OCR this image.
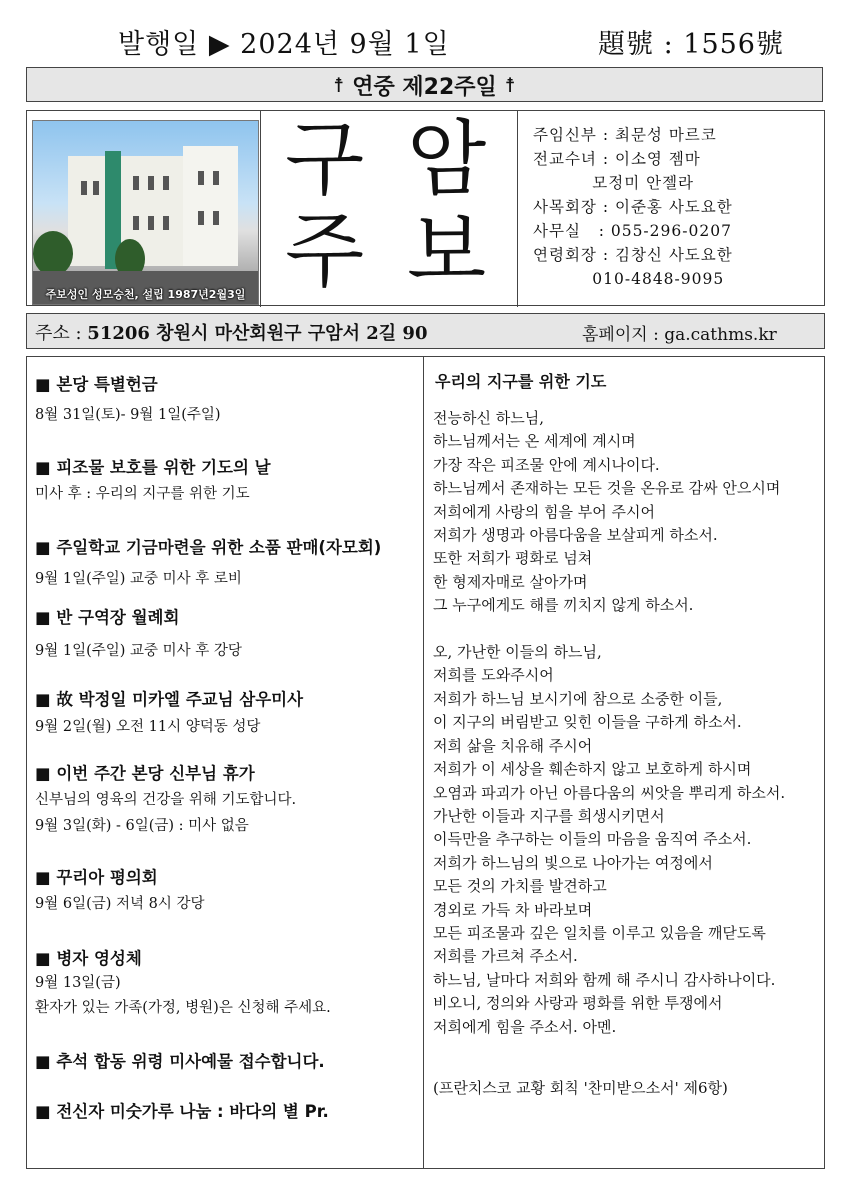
발행일 ▶ 2024년 9월 1일	題號 : 1556號
☨ 연중 제22주일 ☨
주보성인 성모승천, 설립 1987년2월3일
구 암
주 보
주임신부 : 최문성 마르코
전교수녀 : 이소영 젬마
모정미 안젤라
사목회장 : 이준홍 사도요한
사무실   : 055-296-0207
연령회장 : 김창신 사도요한
010-4848-9095
주소 : 51206 창원시 마산회원구 구암서 2길 90	홈페이지 : ga.cathms.kr
■ 본당 특별헌금
8월 31일(토)- 9월 1일(주일)
■ 피조물 보호를 위한 기도의 날
미사 후 : 우리의 지구를 위한 기도
■ 주일학교 기금마련을 위한 소품 판매(자모회)
9월 1일(주일) 교중 미사 후 로비
■ 반 구역장 월례회
9월 1일(주일) 교중 미사 후 강당
■ 故 박정일 미카엘 주교님 삼우미사
9월 2일(월) 오전 11시 양덕동 성당
■ 이번 주간 본당 신부님 휴가
신부님의 영육의 건강을 위해 기도합니다.
9월 3일(화) - 6일(금) : 미사 없음
■ 꾸리아 평의회
9월 6일(금) 저녁 8시 강당
■ 병자 영성체
9월 13일(금)
환자가 있는 가족(가정, 병원)은 신청해 주세요.
■ 추석 합동 위령 미사예물 접수합니다.
■ 전신자 미숫가루 나눔 : 바다의 별 Pr.
우리의 지구를 위한 기도
전능하신 하느님,
하느님께서는 온 세계에 계시며
가장 작은 피조물 안에 계시나이다.
하느님께서 존재하는 모든 것을 온유로 감싸 안으시며
저희에게 사랑의 힘을 부어 주시어
저희가 생명과 아름다움을 보살피게 하소서.
또한 저희가 평화로 넘쳐
한 형제자매로 살아가며
그 누구에게도 해를 끼치지 않게 하소서.

오, 가난한 이들의 하느님,
저희를 도와주시어
저희가 하느님 보시기에 참으로 소중한 이들,
이 지구의 버림받고 잊힌 이들을 구하게 하소서.
저희 삶을 치유해 주시어
저희가 이 세상을 훼손하지 않고 보호하게 하시며
오염과 파괴가 아닌 아름다움의 씨앗을 뿌리게 하소서.
가난한 이들과 지구를 희생시키면서
이득만을 추구하는 이들의 마음을 움직여 주소서.
저희가 하느님의 빛으로 나아가는 여정에서
모든 것의 가치를 발견하고
경외로 가득 차 바라보며
모든 피조물과 깊은 일치를 이루고 있음을 깨닫도록
저희를 가르쳐 주소서.
하느님, 날마다 저희와 함께 해 주시니 감사하나이다.
비오니, 정의와 사랑과 평화를 위한 투쟁에서
저희에게 힘을 주소서. 아멘.
(프란치스코 교황 회칙 '찬미받으소서' 제6항)
